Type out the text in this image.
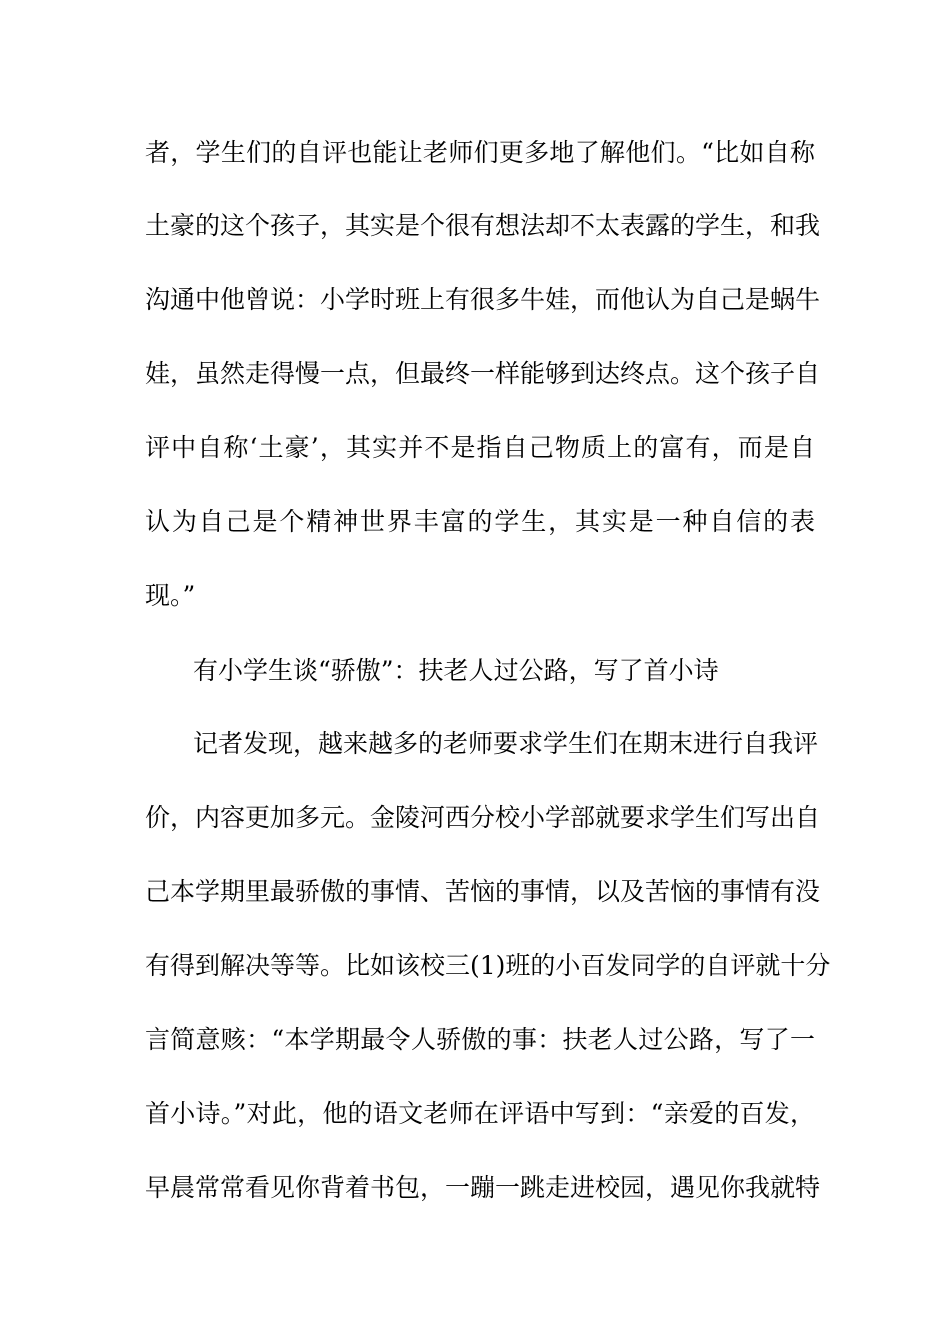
者，学生们的自评也能让老师们更多地了解他们。“比如自称
土豪的这个孩子，其实是个很有想法却不太表露的学生，和我
沟通中他曾说：小学时班上有很多牛娃，而他认为自己是蜗牛
娃，虽然走得慢一点，但最终一样能够到达终点。这个孩子自
评中自称‘土豪’，其实并不是指自己物质上的富有，而是自
认为自己是个精神世界丰富的学生，其实是一种自信的表
现。”
有小学生谈“骄傲”：扶老人过公路，写了首小诗
记者发现，越来越多的老师要求学生们在期末进行自我评
价，内容更加多元。金陵河西分校小学部就要求学生们写出自
己本学期里最骄傲的事情、苦恼的事情，以及苦恼的事情有没
有得到解决等等。比如该校三(1)班的小百发同学的自评就十分
言简意赅：“本学期最令人骄傲的事：扶老人过公路，写了一
首小诗。”对此，他的语文老师在评语中写到：“亲爱的百发，
早晨常常看见你背着书包，一蹦一跳走进校园，遇见你我就特
